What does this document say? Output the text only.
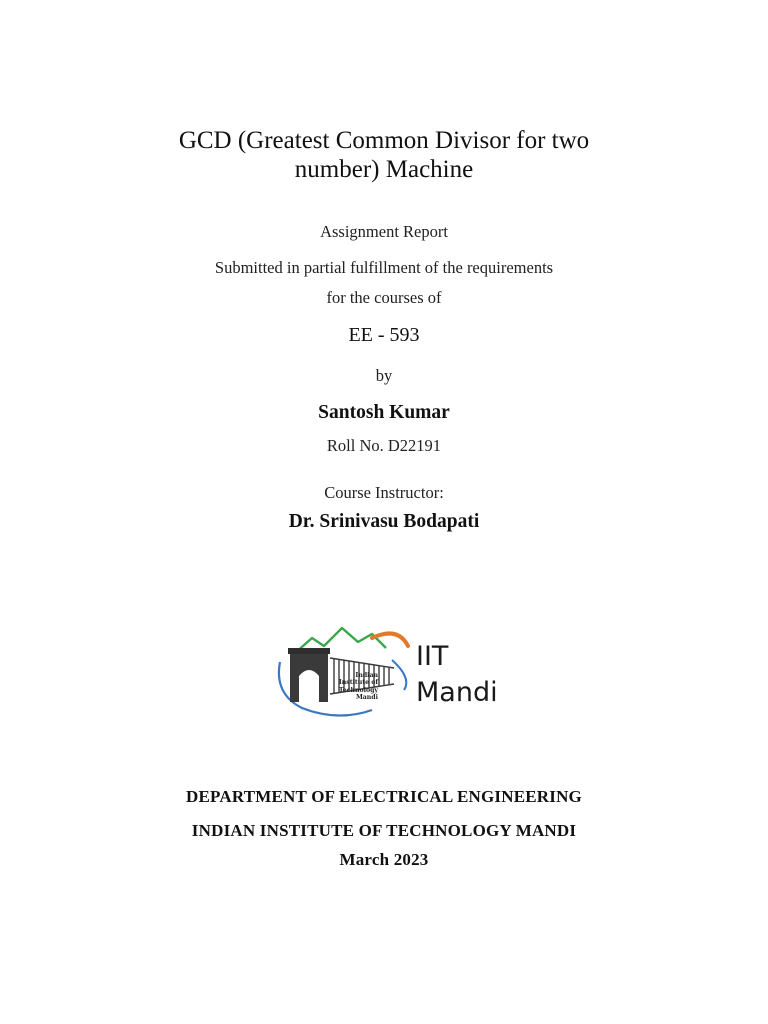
GCD (Greatest Common Divisor for two
number) Machine
Assignment Report
Submitted in partial fulfillment of the requirements
for the courses of
EE - 593
by
Santosh Kumar
Roll No. D22191
Course Instructor:
Dr. Srinivasu Bodapati
Indian
Institute of
Technology
Mandi
IIT
Mandi
DEPARTMENT OF ELECTRICAL ENGINEERING
INDIAN INSTITUTE OF TECHNOLOGY MANDI
March 2023
